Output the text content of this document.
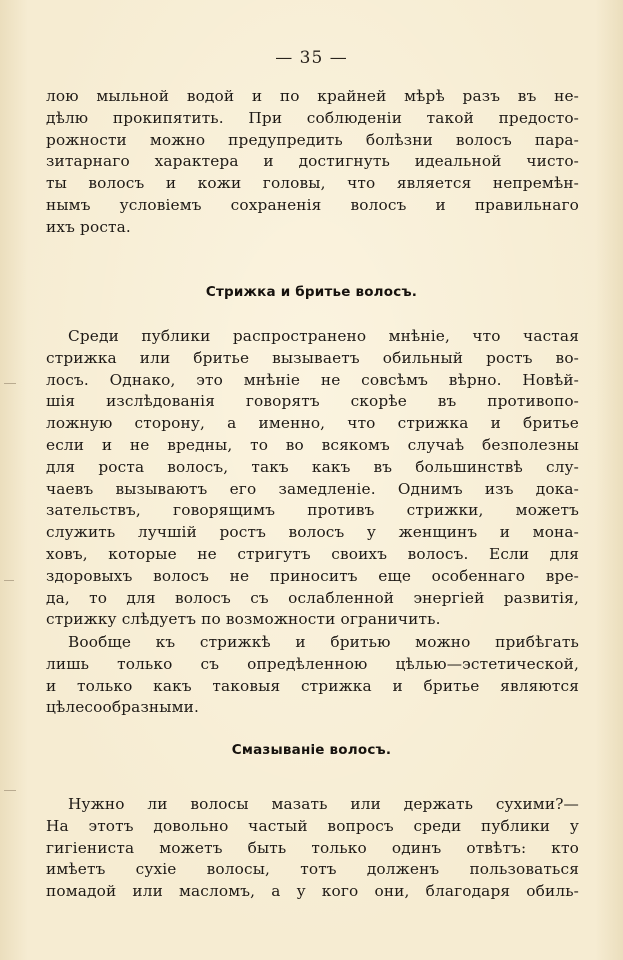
— 35 —
лою мыльной водой и по крайней мѣрѣ разъ въ не-
дѣлю прокипятить. При соблюденіи такой предосто-
рожности можно предупредить болѣзни волосъ пара-
зитарнаго характера и достигнуть идеальной чисто-
ты волосъ и кожи головы, что является непремѣн-
нымъ условіемъ сохраненія волосъ и правильнаго
ихъ роста.
Стрижка и бритье волосъ.
Среди публики распространено мнѣніе, что частая
стрижка или бритье вызываетъ обильный ростъ во-
лосъ. Однако, это мнѣніе не совсѣмъ вѣрно. Новѣй-
шія изслѣдованія говорятъ скорѣе въ противопо-
ложную сторону, а именно, что стрижка и бритье
если и не вредны, то во всякомъ случаѣ безполезны
для роста волосъ, такъ какъ въ большинствѣ слу-
чаевъ вызываютъ его замедленіе. Однимъ изъ дока-
зательствъ, говорящимъ противъ стрижки, можетъ
служить лучшій ростъ волосъ у женщинъ и мона-
ховъ, которые не стригутъ своихъ волосъ. Если для
здоровыхъ волосъ не приноситъ еще особеннаго вре-
да, то для волосъ съ ослабленной энергіей развитія,
стрижку слѣдуетъ по возможности ограничить.
Вообще къ стрижкѣ и бритью можно прибѣгать
лишь только съ опредѣленною цѣлью—эстетической,
и только какъ таковыя стрижка и бритье являются
цѣлесообразными.
Смазываніе волосъ.
Нужно ли волосы мазать или держать сухими?—
На этотъ довольно частый вопросъ среди публики у
гигіениста можетъ быть только одинъ отвѣтъ: кто
имѣетъ сухіе волосы, тотъ долженъ пользоваться
помадой или масломъ, а у кого они, благодаря обиль-
